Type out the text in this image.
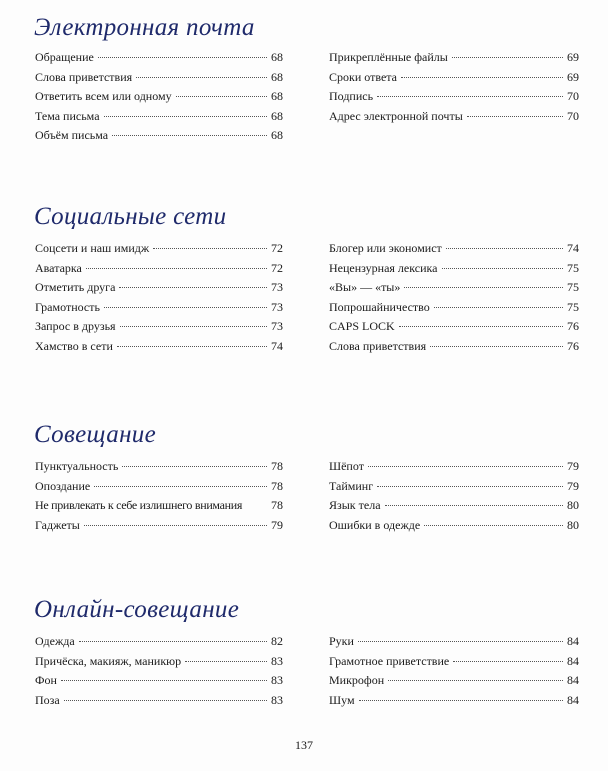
Электронная почта
Обращение	68
Слова приветствия	68
Ответить всем или одному	68
Тема письма	68
Объём письма	68
Прикреплённые файлы	69
Сроки ответа	69
Подпись	70
Адрес электронной почты	70
Социальные сети
Соцсети и наш имидж	72
Аватарка	72
Отметить друга	73
Грамотность	73
Запрос в друзья	73
Хамство в сети	74
Блогер или экономист	74
Нецензурная лексика	75
«Вы» — «ты»	75
Попрошайничество	75
CAPS LOCK	76
Слова приветствия	76
Совещание
Пунктуальность	78
Опоздание	78
Не привлекать к себе излишнего внимания 78
Гаджеты	79
Шёпот	79
Тайминг	79
Язык тела	80
Ошибки в одежде	80
Онлайн-совещание
Одежда	82
Причёска, макияж, маникюр	83
Фон	83
Поза	83
Руки	84
Грамотное приветствие	84
Микрофон	84
Шум	84
137
